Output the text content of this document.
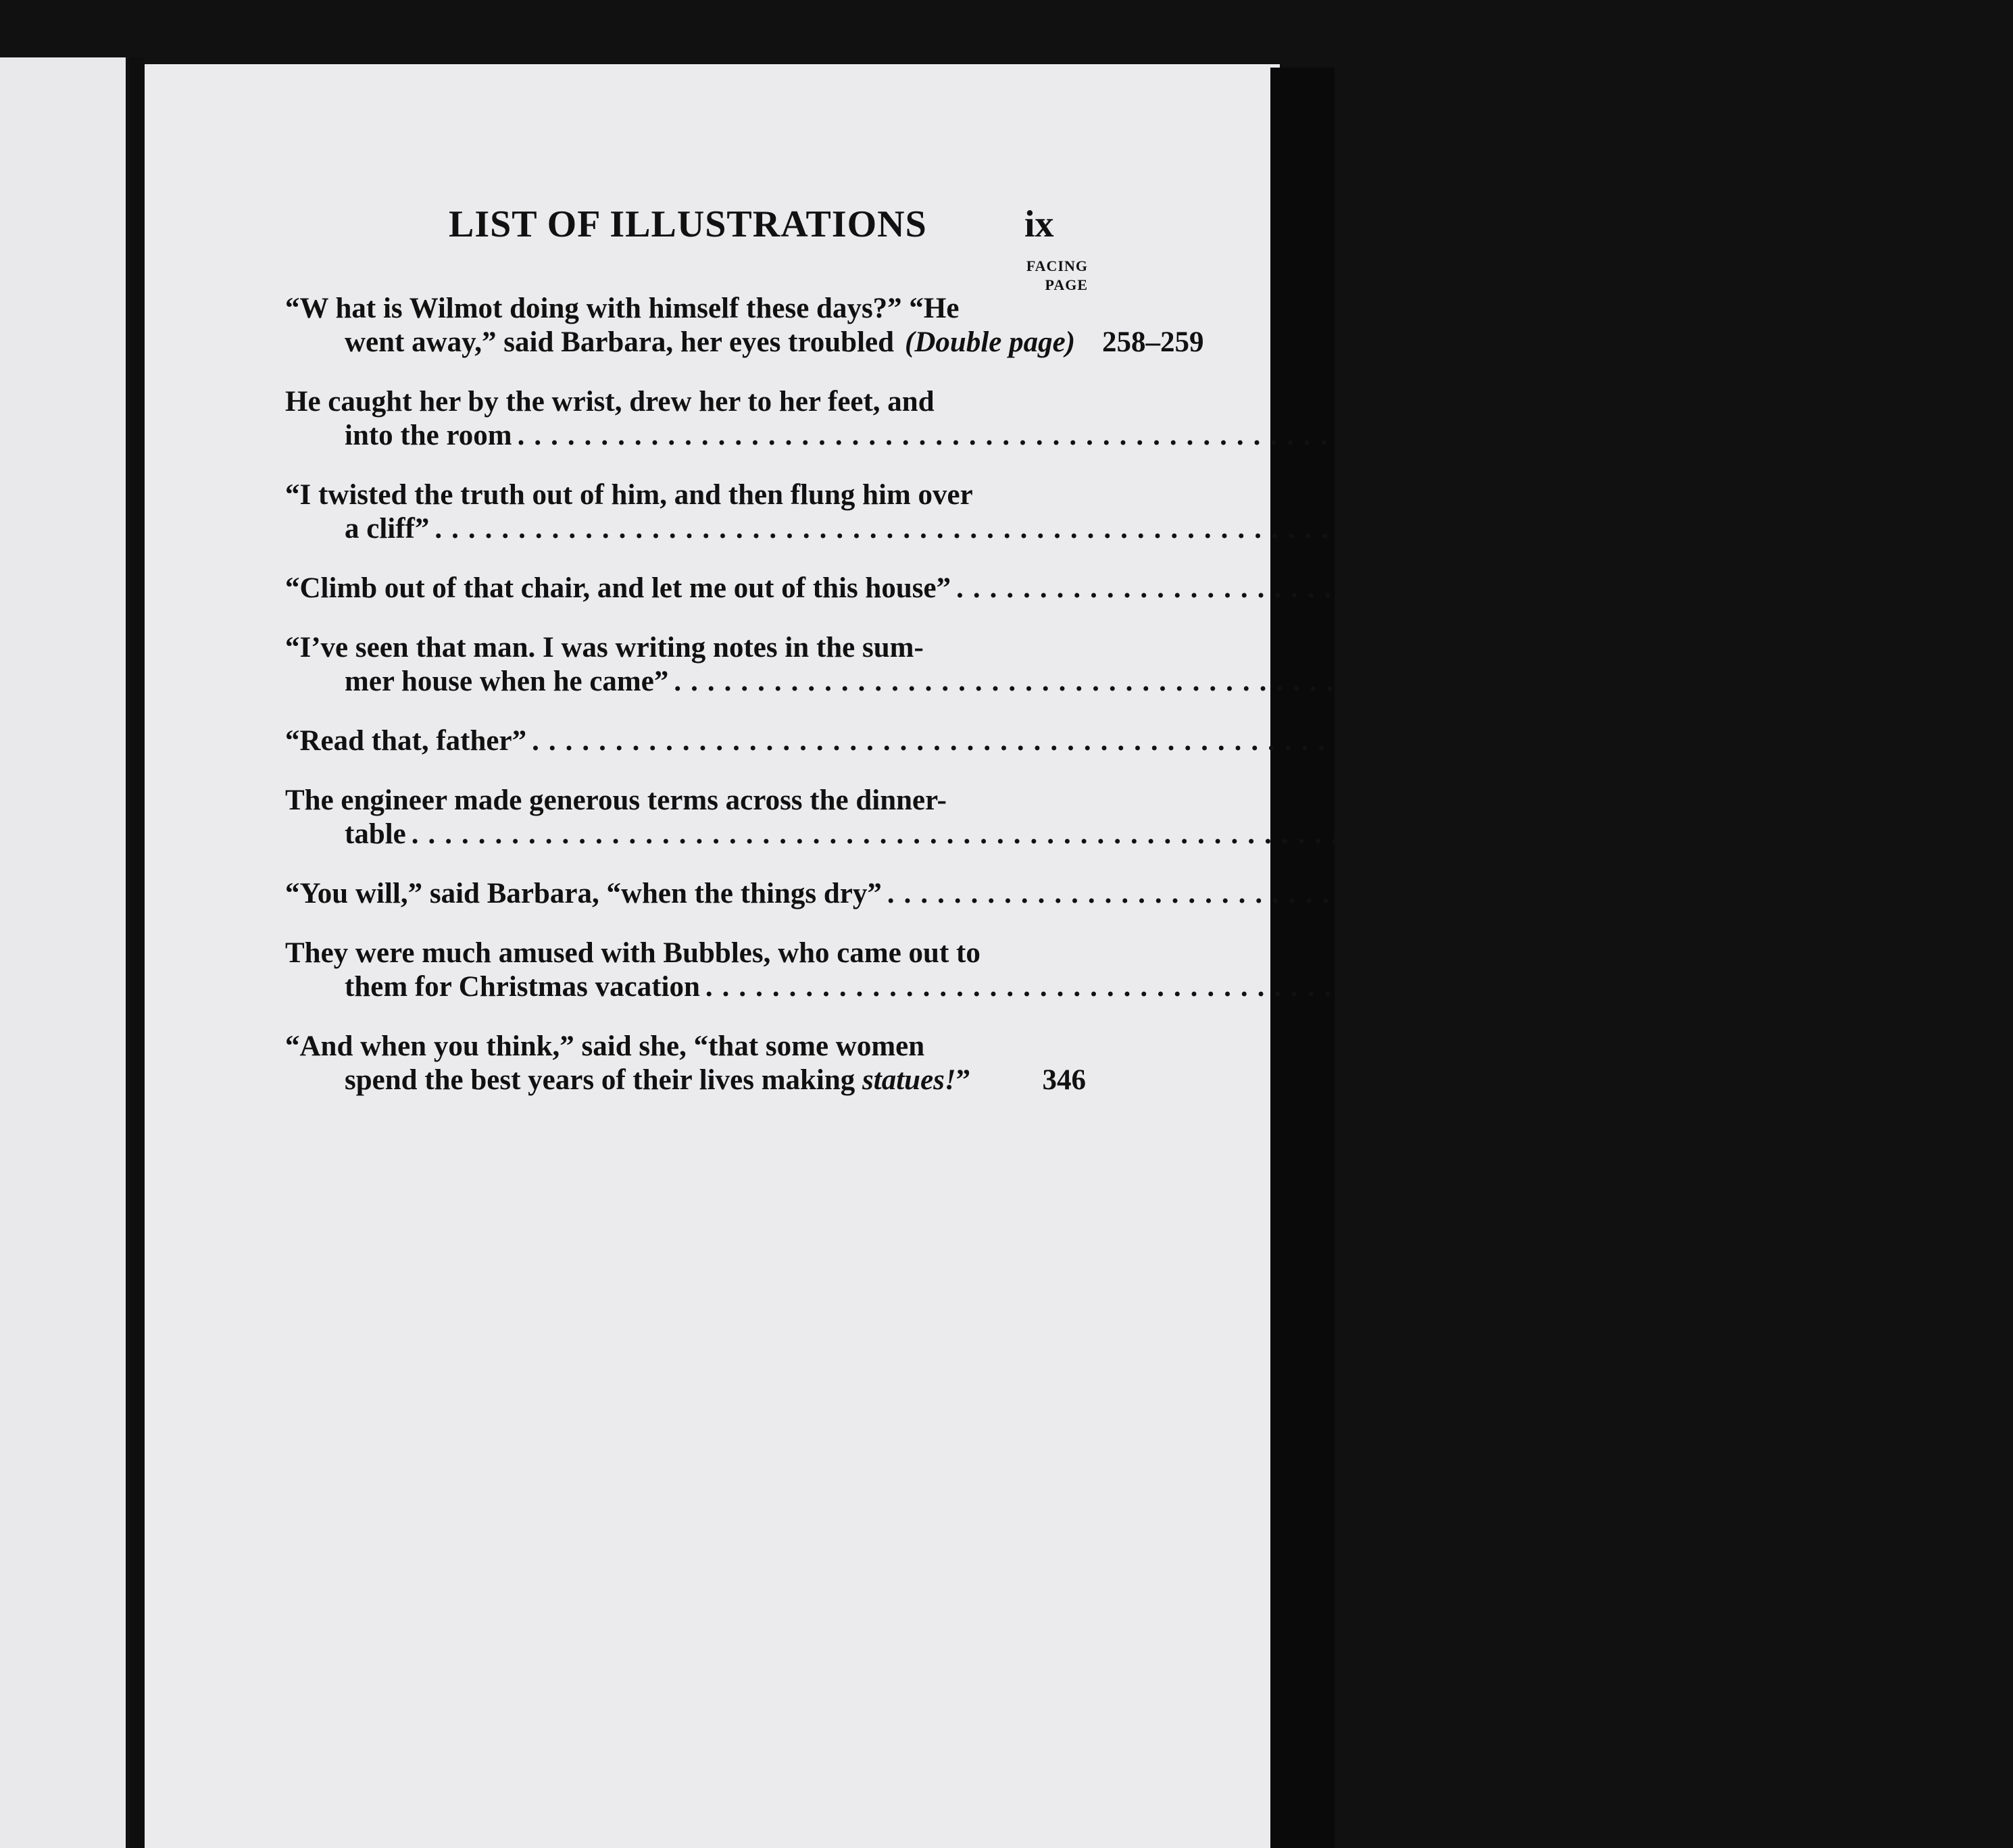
LIST OF ILLUSTRATIONS	ix
FACING
PAGE
“W hat is Wilmot doing with himself these days?” “He
went away,” said Barbara, her eyes troubled (Double page) 258–259
He caught her by the wrist, drew her to her feet, and
into the room ............................................................ (Double page) 280–281
“I twisted the truth out of him, and then flung him over
a cliff” ............................................................ 290
“Climb out of that chair, and let me out of this house” ............................................................ 298
“I’ve seen that man. I was writing notes in the sum-
mer house when he came” ............................................................ 306
“Read that, father” ............................................................ (Double page) 308–309
The engineer made generous terms across the dinner-
table ............................................................ (Double page) 340–341
“You will,” said Barbara, “when the things dry” ............................................................ 342
They were much amused with Bubbles, who came out to
them for Christmas vacation ............................................................ (Double page) 344–345
“And when you think,” said she, “that some women
spend the best years of their lives making statues!” 346
